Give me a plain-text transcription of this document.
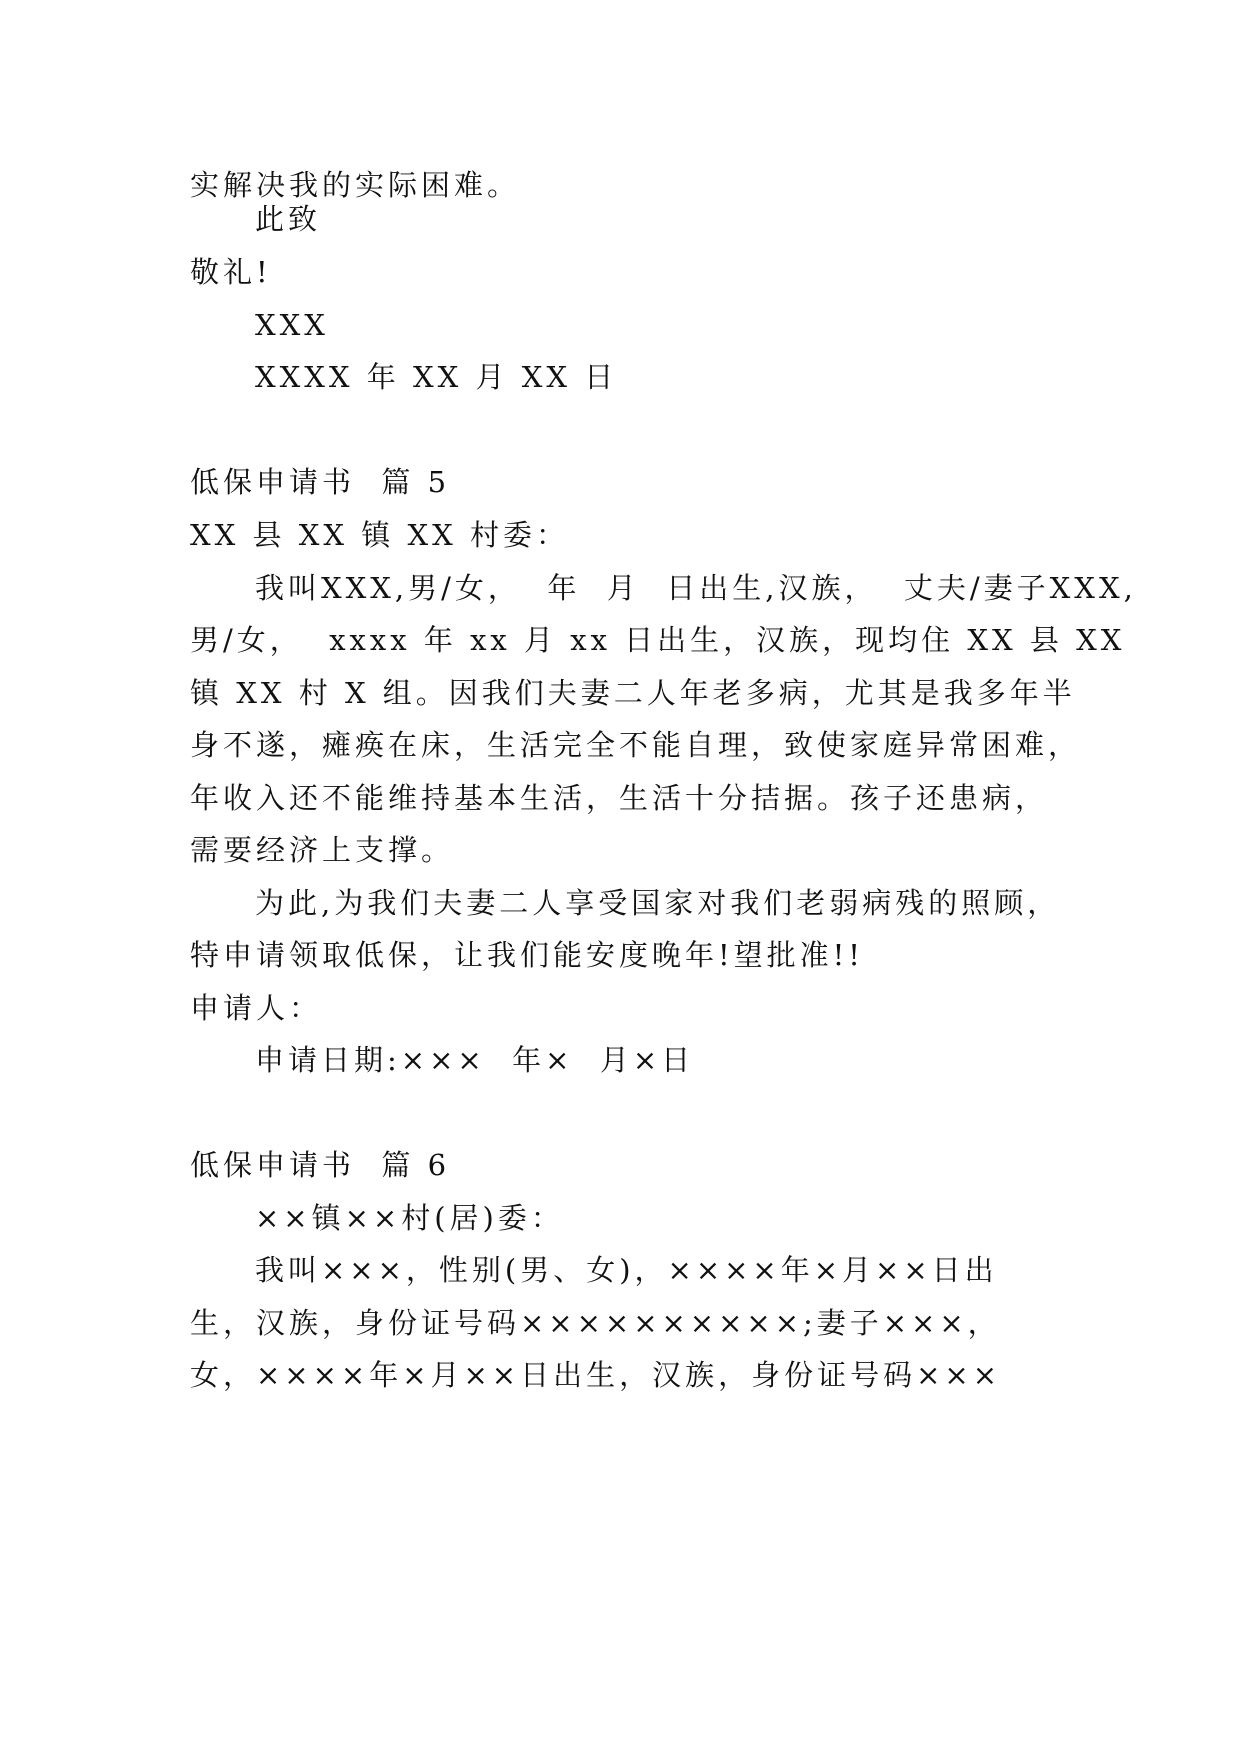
实解决我的实际困难。
此致
敬礼!
XXX
XXXX 年 XX 月 XX 日
低保申请书  篇 5
XX 县 XX 镇 XX 村委：
我叫XXX,男/女，  年  月  日出生,汉族，  丈夫/妻子XXX,
男/女，  xxxx 年 xx 月 xx 日出生，汉族，现均住 XX 县 XX
镇 XX 村 X 组。因我们夫妻二人年老多病，尤其是我多年半
身不遂，瘫痪在床，生活完全不能自理，致使家庭异常困难，
年收入还不能维持基本生活，生活十分拮据。孩子还患病，
需要经济上支撑。
为此,为我们夫妻二人享受国家对我们老弱病残的照顾，
特申请领取低保，让我们能安度晚年!望批准!!
申请人：
申请日期:×××  年×  月×日
低保申请书  篇 6
××镇××村(居)委：
我叫×××，性别(男、女)，××××年×月××日出
生，汉族，身份证号码××××××××××;妻子×××，
女，××××年×月××日出生，汉族，身份证号码×××
